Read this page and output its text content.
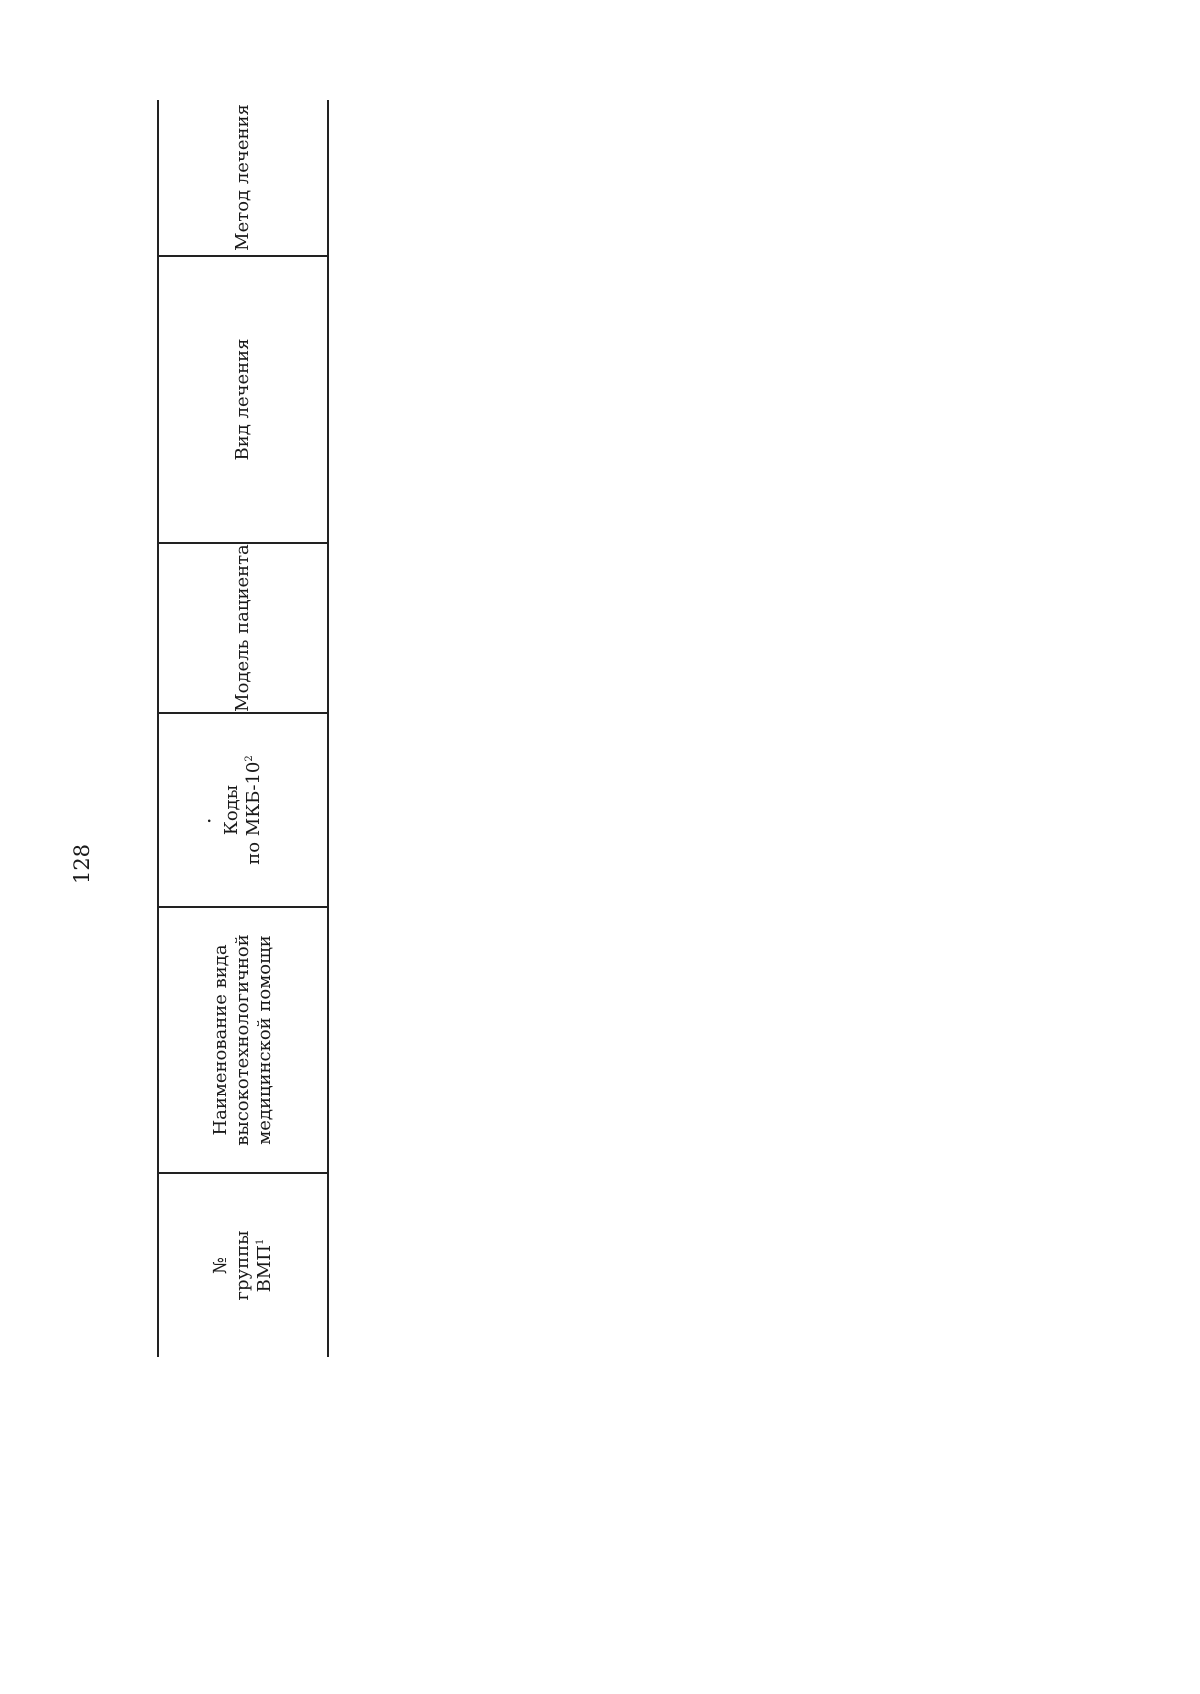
128
·
№
группы
ВМП$^1$
Наименование вида
высокотехнологичной
медицинской помощи
Коды
по МКБ-$10^2$
Модель пациента
Вид лечения
Метод лечения
